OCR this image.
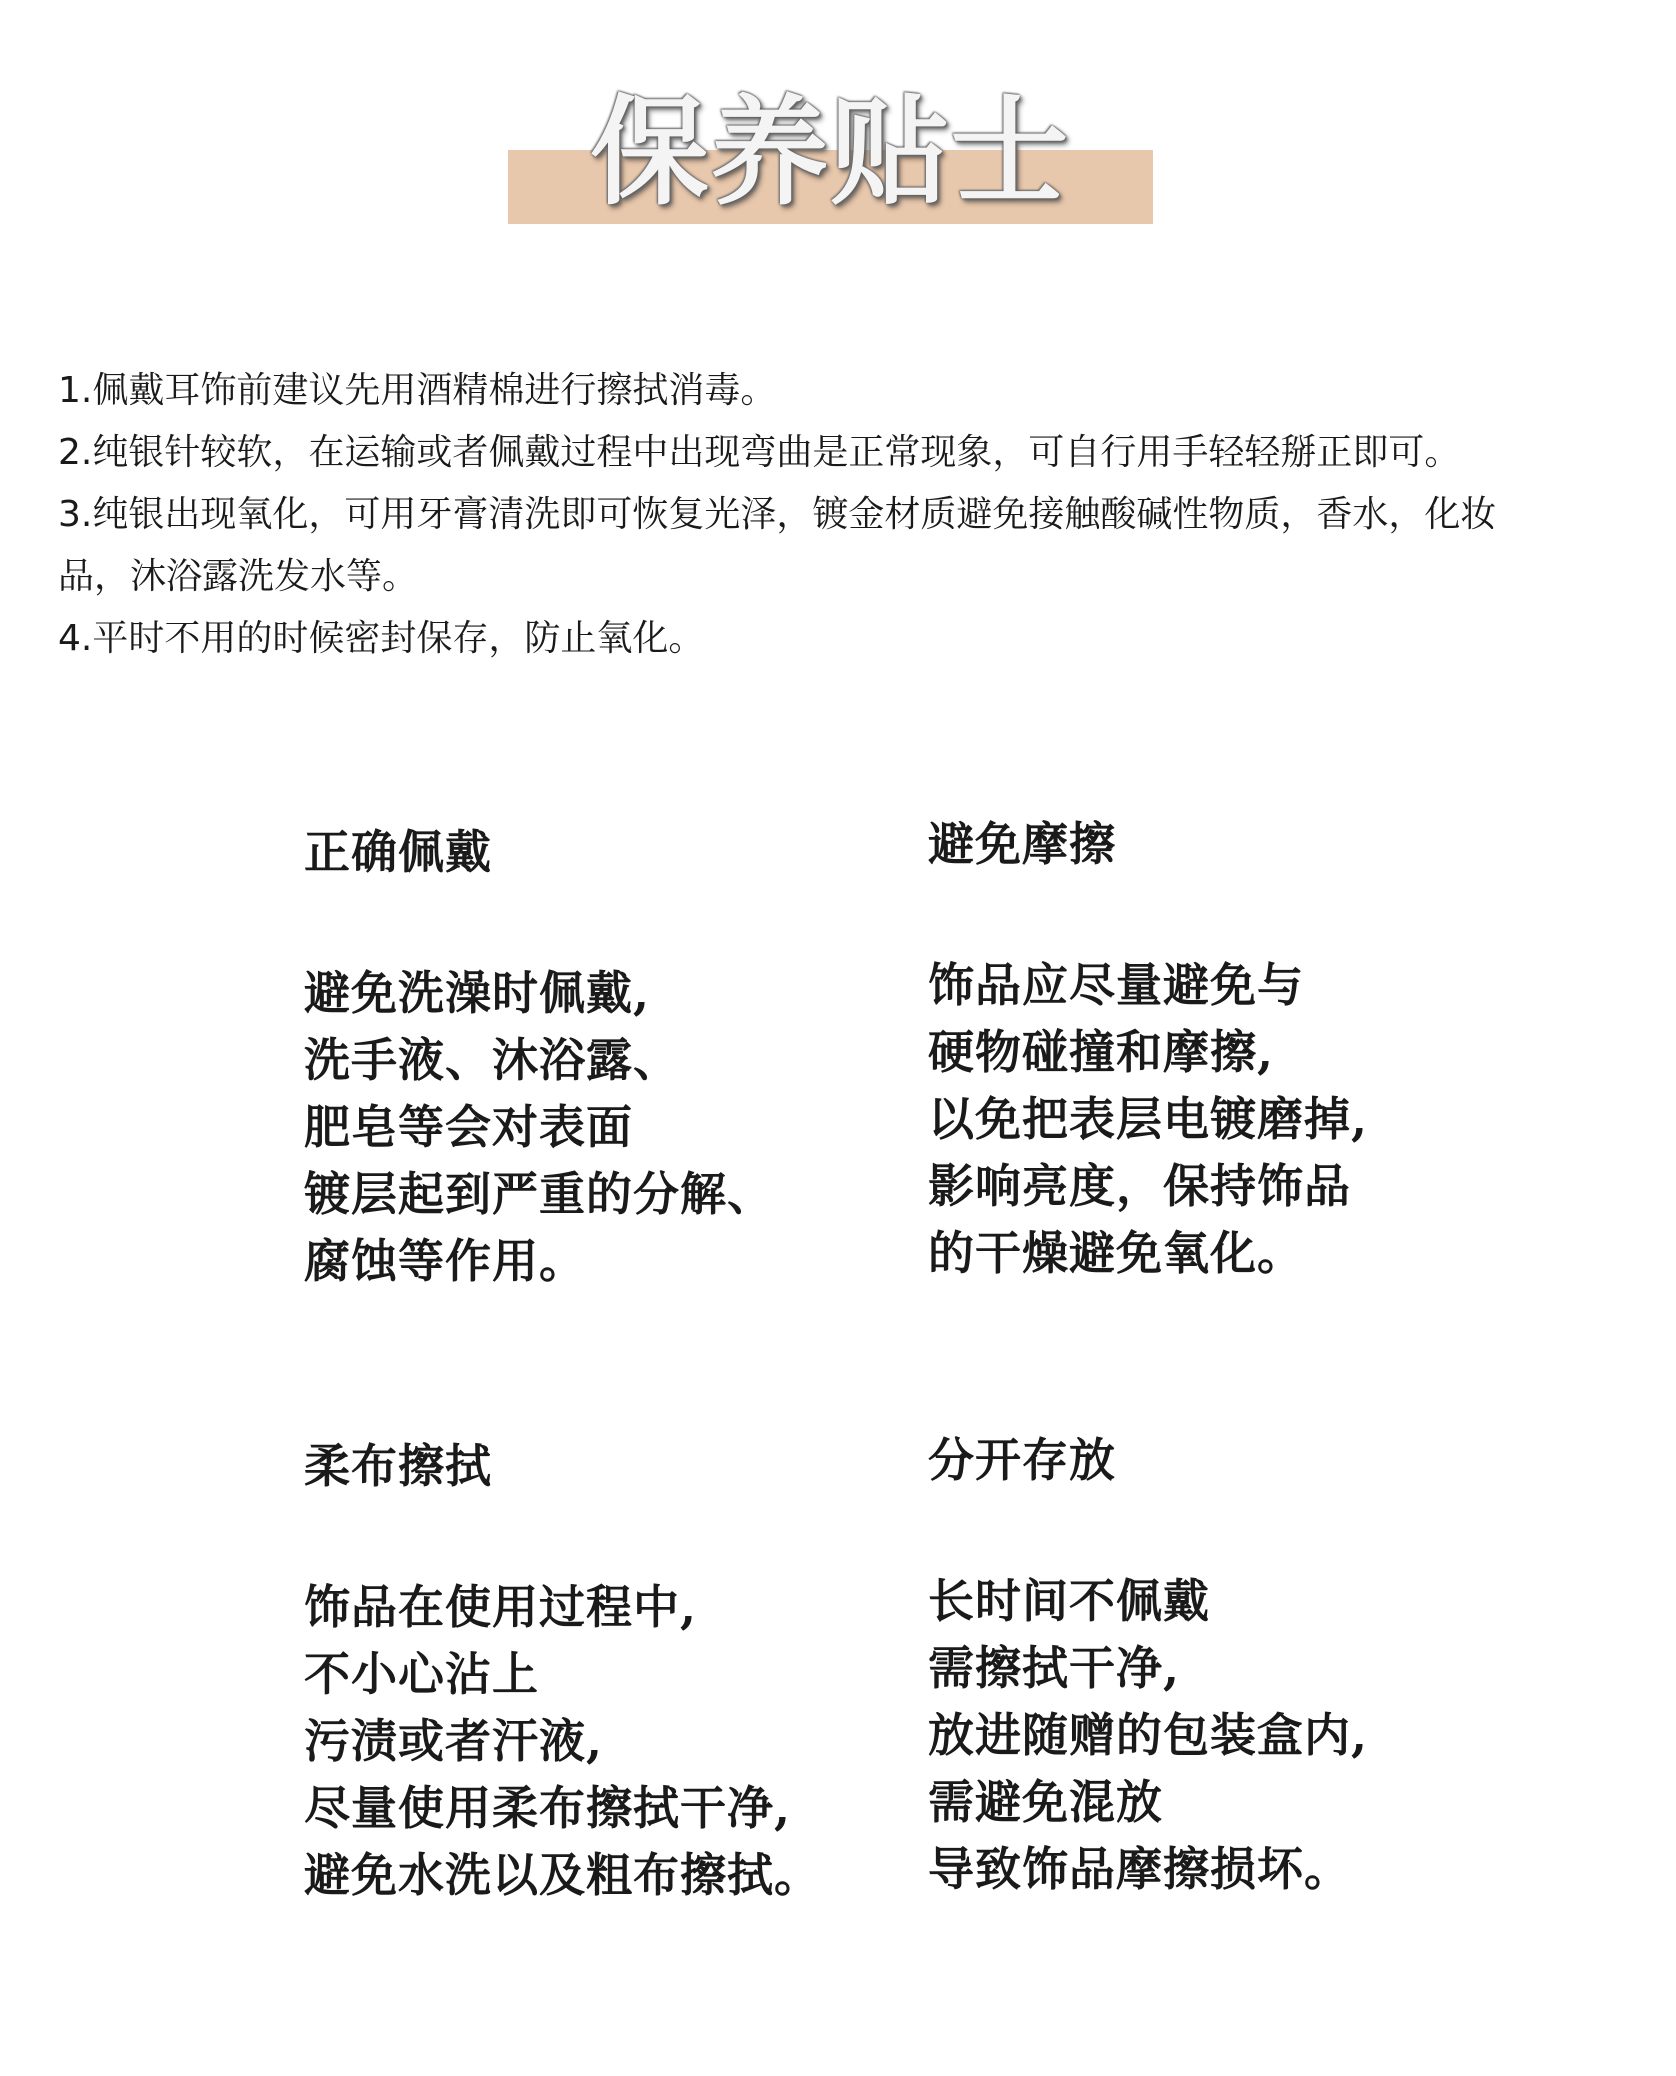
保养贴士

1.佩戴耳饰前建议先用酒精棉进行擦拭消毒。

2.纯银针较软，在运输或者佩戴过程中出现弯曲是正常现象，可自行用手轻轻掰正即可。

3.纯银出现氧化，可用牙膏清洗即可恢复光泽，镀金材质避免接触酸碱性物质，香水，化妆

品，沐浴露洗发水等。

4.平时不用的时候密封保存，防止氧化。

正确佩戴
避免洗澡时佩戴,
洗手液、沐浴露、
肥皂等会对表面
镀层起到严重的分解、
腐蚀等作用。
避免摩擦
饰品应尽量避免与
硬物碰撞和摩擦,
以免把表层电镀磨掉,
影响亮度，保持饰品
的干燥避免氧化。
柔布擦拭
饰品在使用过程中,
不小心沾上
污渍或者汗液,
尽量使用柔布擦拭干净,
避免水洗以及粗布擦拭。
分开存放
长时间不佩戴
需擦拭干净,
放进随赠的包装盒内,
需避免混放
导致饰品摩擦损坏。
